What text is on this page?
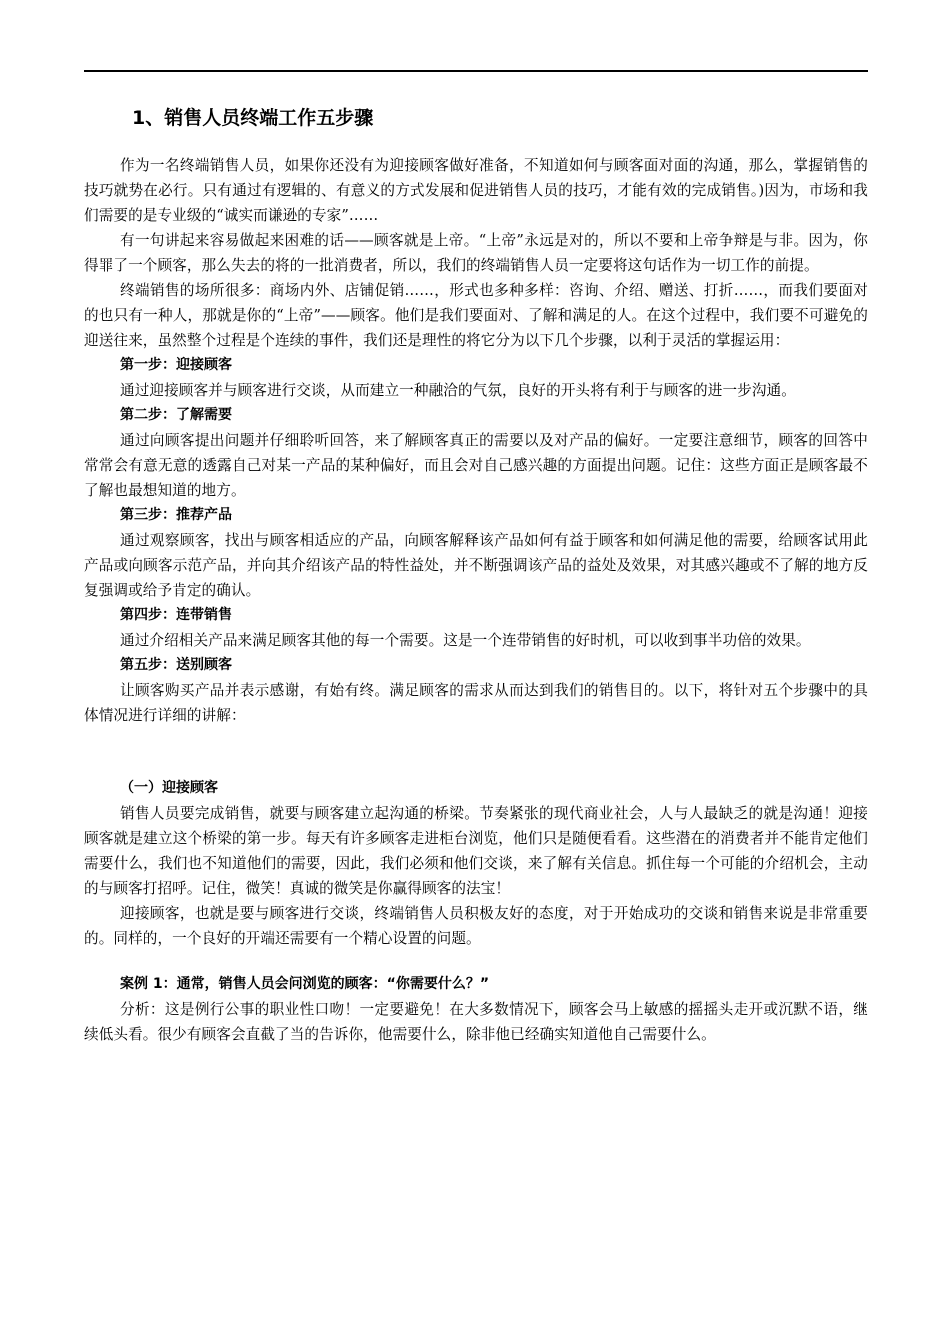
1、销售人员终端工作五步骤

作为一名终端销售人员，如果你还没有为迎接顾客做好准备，不知道如何与顾客面对面的沟通，那么，掌握销售的技巧就势在必行。只有通过有逻辑的、有意义的方式发展和促进销售人员的技巧，才能有效的完成销售。)因为，市场和我们需要的是专业级的“诚实而谦逊的专家”……

有一句讲起来容易做起来困难的话——顾客就是上帝。“上帝”永远是对的，所以不要和上帝争辩是与非。因为，你得罪了一个顾客，那么失去的将的一批消费者，所以，我们的终端销售人员一定要将这句话作为一切工作的前提。

终端销售的场所很多：商场内外、店铺促销……，形式也多种多样：咨询、介绍、赠送、打折……，而我们要面对的也只有一种人，那就是你的“上帝”——顾客。他们是我们要面对、了解和满足的人。在这个过程中，我们要不可避免的迎送往来，虽然整个过程是个连续的事件，我们还是理性的将它分为以下几个步骤，以利于灵活的掌握运用：

第一步：迎接顾客

通过迎接顾客并与顾客进行交谈，从而建立一种融洽的气氛，良好的开头将有利于与顾客的进一步沟通。

第二步：了解需要

通过向顾客提出问题并仔细聆听回答，来了解顾客真正的需要以及对产品的偏好。一定要注意细节，顾客的回答中常常会有意无意的透露自己对某一产品的某种偏好，而且会对自己感兴趣的方面提出问题。记住：这些方面正是顾客最不了解也最想知道的地方。

第三步：推荐产品

通过观察顾客，找出与顾客相适应的产品，向顾客解释该产品如何有益于顾客和如何满足他的需要，给顾客试用此产品或向顾客示范产品，并向其介绍该产品的特性益处，并不断强调该产品的益处及效果，对其感兴趣或不了解的地方反复强调或给予肯定的确认。

第四步：连带销售

通过介绍相关产品来满足顾客其他的每一个需要。这是一个连带销售的好时机，可以收到事半功倍的效果。

第五步：送别顾客

让顾客购买产品并表示感谢，有始有终。满足顾客的需求从而达到我们的销售目的。以下，将针对五个步骤中的具体情况进行详细的讲解：

（一）迎接顾客

销售人员要完成销售，就要与顾客建立起沟通的桥梁。节奏紧张的现代商业社会，人与人最缺乏的就是沟通！迎接顾客就是建立这个桥梁的第一步。每天有许多顾客走进柜台浏览，他们只是随便看看。这些潜在的消费者并不能肯定他们需要什么，我们也不知道他们的需要，因此，我们必须和他们交谈，来了解有关信息。抓住每一个可能的介绍机会，主动的与顾客打招呼。记住，微笑！真诚的微笑是你赢得顾客的法宝！

迎接顾客，也就是要与顾客进行交谈，终端销售人员积极友好的态度，对于开始成功的交谈和销售来说是非常重要的。同样的，一个良好的开端还需要有一个精心设置的问题。

案例 1：通常，销售人员会问浏览的顾客：“你需要什么？”

分析：这是例行公事的职业性口吻！一定要避免！在大多数情况下，顾客会马上敏感的摇摇头走开或沉默不语，继续低头看。很少有顾客会直截了当的告诉你，他需要什么，除非他已经确实知道他自己需要什么。
